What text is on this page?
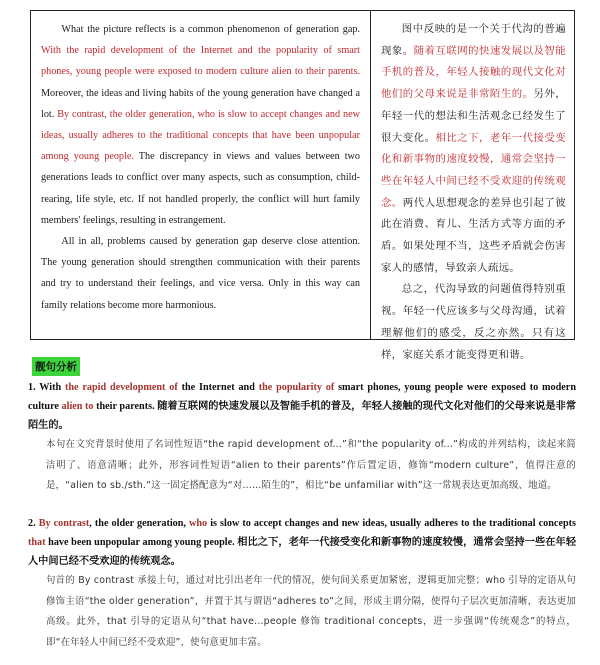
What the picture reflects is a common phenomenon of generation gap. With the rapid development of the Internet and the popularity of smart phones, young people were exposed to modern culture alien to their parents. Moreover, the ideas and living habits of the young generation have changed a lot. By contrast, the older generation, who is slow to accept changes and new ideas, usually adheres to the traditional concepts that have been unpopular among young people. The discrepancy in views and values between two generations leads to conflict over many aspects, such as consumption, child-rearing, life style, etc. If not handled properly, the conflict will hurt family members' feelings, resulting in estrangement.

All in all, problems caused by generation gap deserve close attention. The young generation should strengthen communication with their parents and try to understand their feelings, and vice versa. Only in this way can family relations become more harmonious.

图中反映的是一个关于代沟的普遍现象。随着互联网的快速发展以及智能手机的普及，年轻人接触的现代文化对他们的父母来说是非常陌生的。另外，年轻一代的想法和生活观念已经发生了很大变化。相比之下，老年一代接受变化和新事物的速度较慢，通常会坚持一些在年轻人中间已经不受欢迎的传统观念。两代人思想观念的差异也引起了彼此在消费、育儿、生活方式等方面的矛盾。如果处理不当，这些矛盾就会伤害家人的感情，导致亲人疏远。

总之，代沟导致的问题值得特别重视。年轻一代应该多与父母沟通，试着理解他们的感受，反之亦然。只有这样，家庭关系才能变得更和谐。

靓句分析

1. With the rapid development of the Internet and the popularity of smart phones, young people were exposed to modern culture alien to their parents. 随着互联网的快速发展以及智能手机的普及，年轻人接触的现代文化对他们的父母来说是非常陌生的。

本句在文究背景时使用了名词性短语“the rapid development of...”和“the popularity of...”构成的并列结构，读起来简洁明了、语意清晰；此外，形容词性短语“alien to their parents”作后置定语，修饰“modern culture”，值得注意的是，“alien to sb./sth.”这一固定搭配意为“对……陌生的”，相比“be unfamiliar with”这一常规表达更加高级、地道。

2. By contrast, the older generation, who is slow to accept changes and new ideas, usually adheres to the traditional concepts that have been unpopular among young people. 相比之下，老年一代接受变化和新事物的速度较慢，通常会坚持一些在年轻人中间已经不受欢迎的传统观念。

句首的 By contrast 承接上句，通过对比引出老年一代的情况，使句间关系更加紧密，逻辑更加完整；who 引导的定语从句修饰主语“the older generation”，并置于其与谓语“adheres to”之间，形成主谓分隔，使得句子层次更加清晰，表达更加高级。此外，that 引导的定语从句“that have...people 修饰 traditional concepts，进一步强调“传统观念”的特点，即“在年轻人中间已经不受欢迎”，使句意更加丰富。
